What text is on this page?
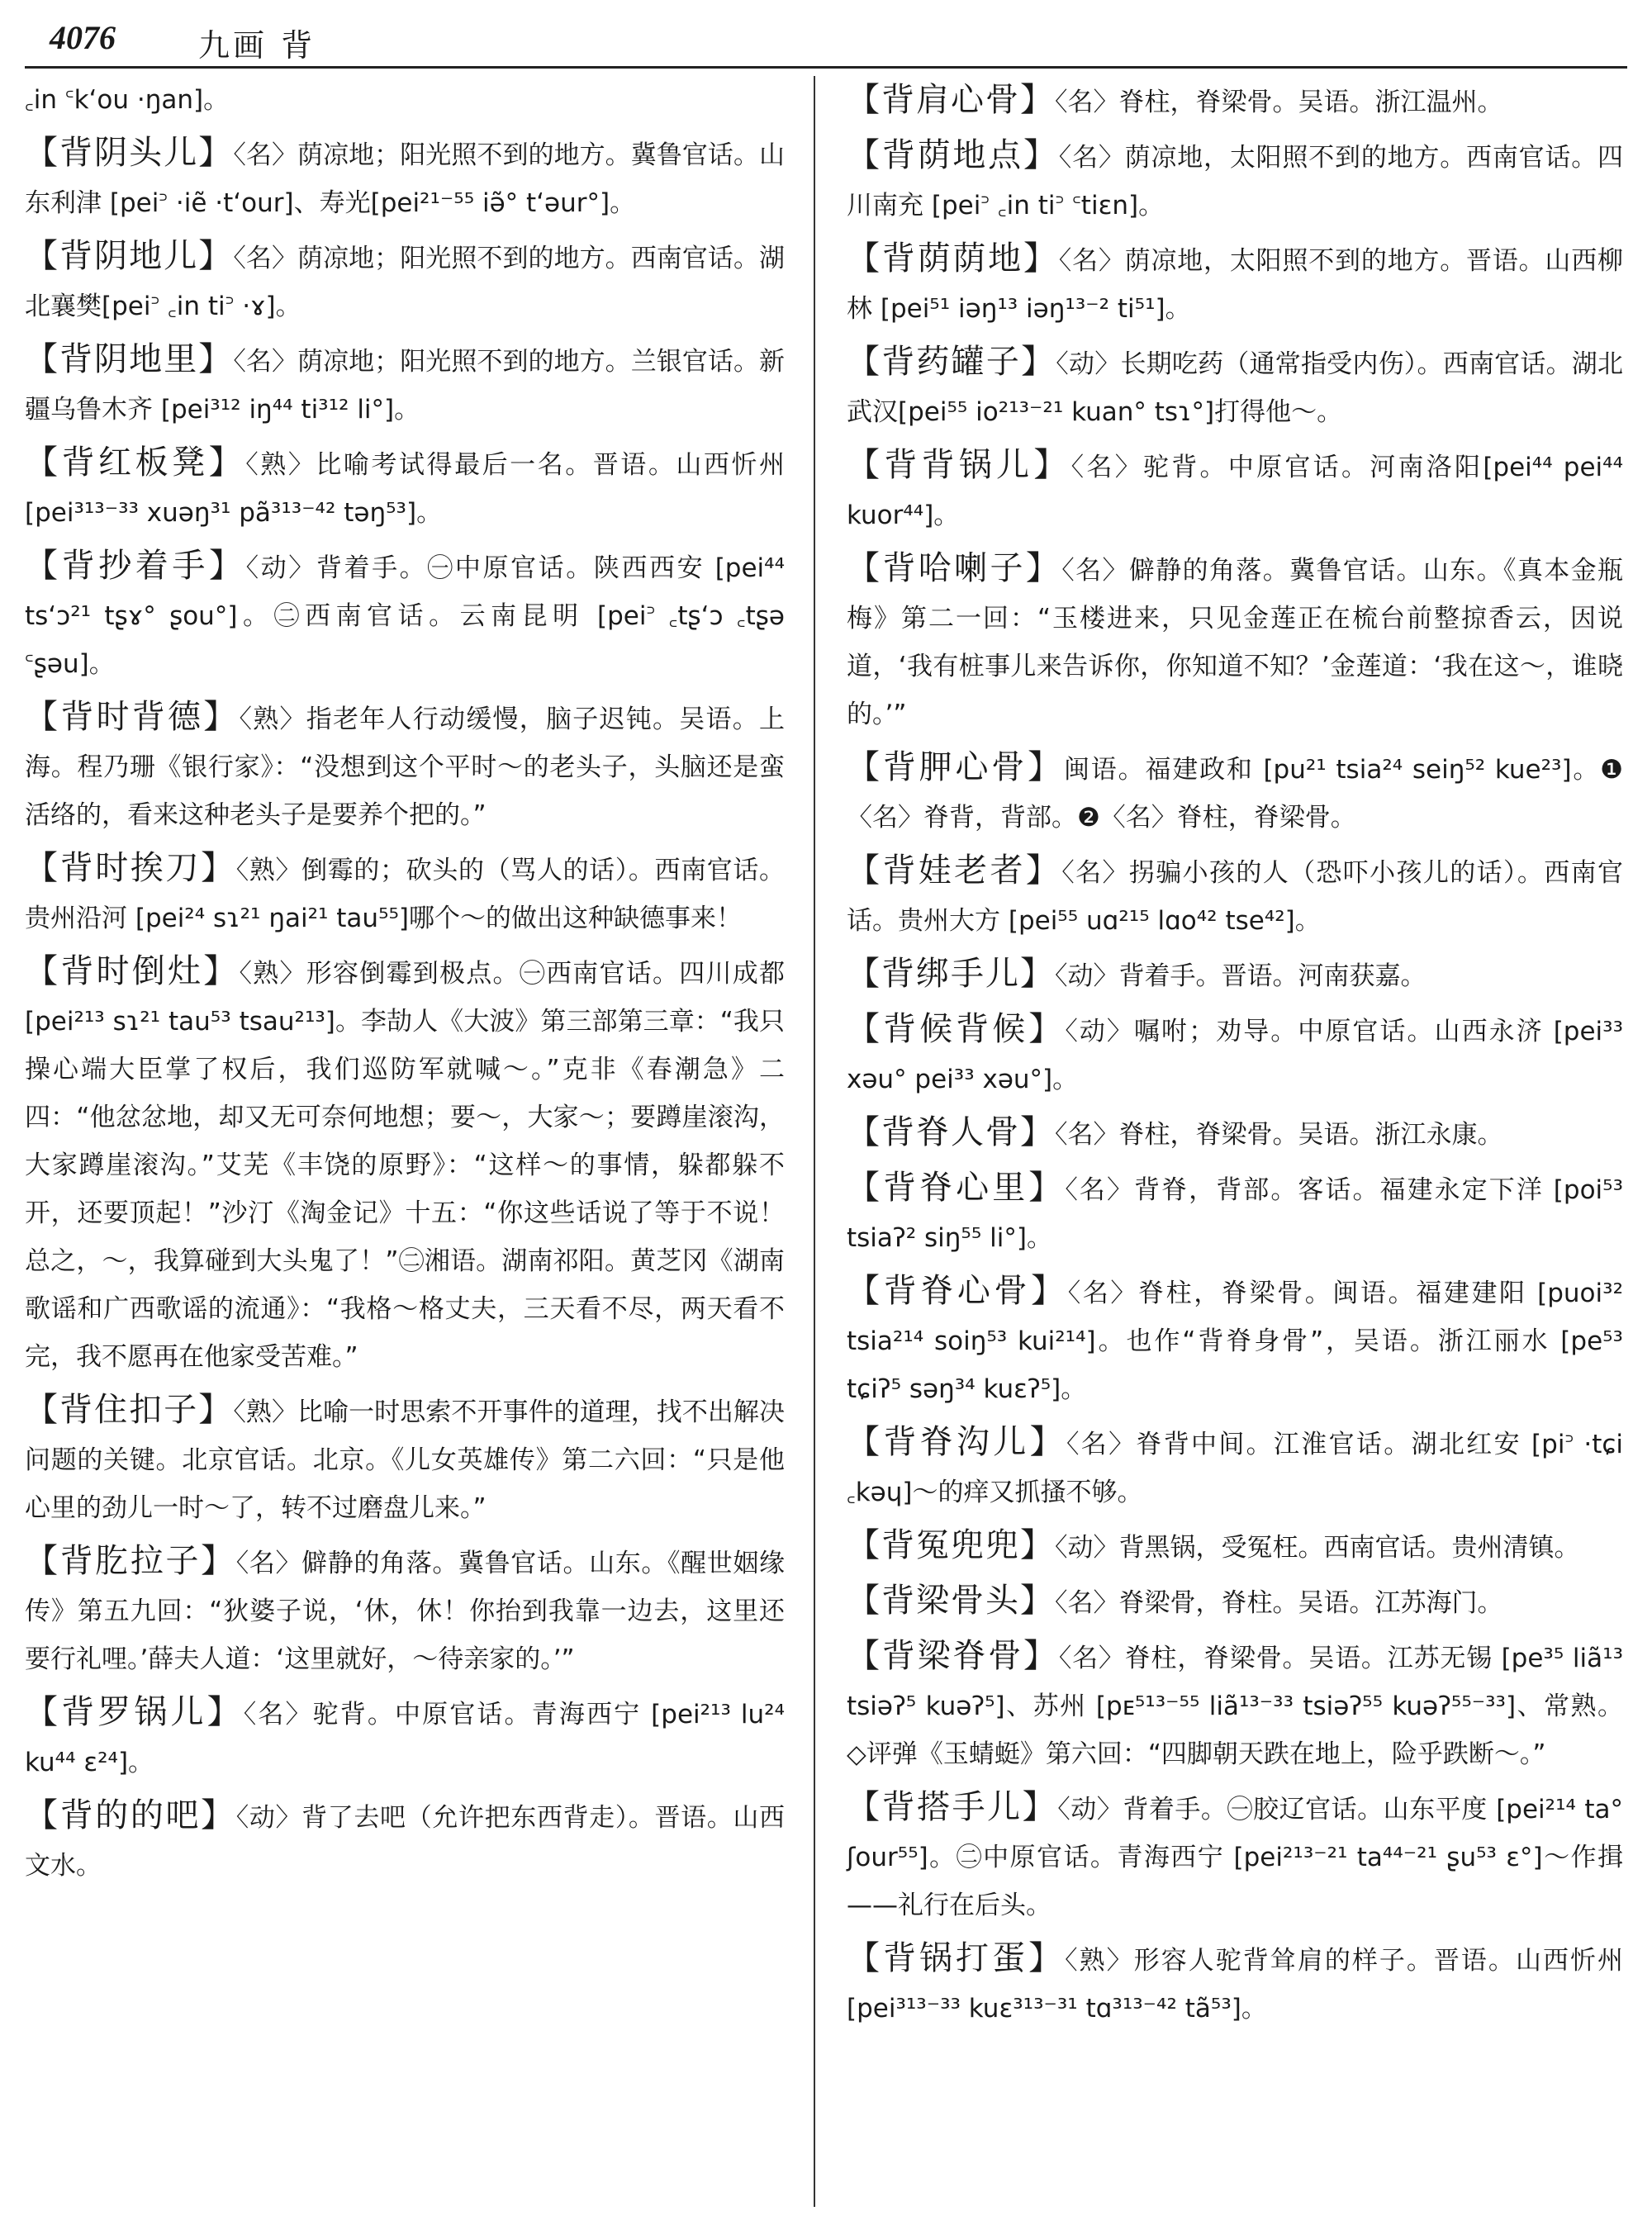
4076	九画 背
꜀in ꜂k‘ou ·ŋan]。
【背阴头儿】〈名〉荫凉地；阳光照不到的地方。冀鲁官话。山东利津 [pei꜄ ·iẽ ·t‘our]、寿光[pei²¹⁻⁵⁵ iə̃° t‘əur°]。
【背阴地儿】〈名〉荫凉地；阳光照不到的地方。西南官话。湖北襄樊[pei꜄ ꜀in ti꜄ ·ɤ]。
【背阴地里】〈名〉荫凉地；阳光照不到的地方。兰银官话。新疆乌鲁木齐 [pei³¹² iŋ⁴⁴ ti³¹² li°]。
【背红板凳】〈熟〉比喻考试得最后一名。晋语。山西忻州 [pei³¹³⁻³³ xuəŋ³¹ pã³¹³⁻⁴² təŋ⁵³]。
【背抄着手】〈动〉背着手。㊀中原官话。陕西西安 [pei⁴⁴ ts‘ɔ²¹ tʂɤ° ʂou°]。㊁西南官话。云南昆明 [pei꜄ ꜀tʂ‘ɔ ꜀tʂə ꜂ʂəu]。
【背时背德】〈熟〉指老年人行动缓慢，脑子迟钝。吴语。上海。程乃珊《银行家》：“没想到这个平时～的老头子，头脑还是蛮活络的，看来这种老头子是要养个把的。”
【背时挨刀】〈熟〉倒霉的；砍头的（骂人的话）。西南官话。贵州沿河 [pei²⁴ sɿ²¹ ŋai²¹ tau⁵⁵]哪个～的做出这种缺德事来！
【背时倒灶】〈熟〉形容倒霉到极点。㊀西南官话。四川成都 [pei²¹³ sɿ²¹ tau⁵³ tsau²¹³]。李劼人《大波》第三部第三章：“我只操心端大臣掌了权后，我们巡防军就喊～。”克非《春潮急》二四：“他忿忿地，却又无可奈何地想；要～，大家～；要蹲崖滚沟，大家蹲崖滚沟。”艾芜《丰饶的原野》：“这样～的事情，躲都躲不开，还要顶起！”沙汀《淘金记》十五：“你这些话说了等于不说！总之，～，我算碰到大头鬼了！”㊁湘语。湖南祁阳。黄芝冈《湖南歌谣和广西歌谣的流通》：“我格～格丈夫，三天看不尽，两天看不完，我不愿再在他家受苦难。”
【背住扣子】〈熟〉比喻一时思索不开事件的道理，找不出解决问题的关键。北京官话。北京。《儿女英雄传》第二六回：“只是他心里的劲儿一时～了，转不过磨盘儿来。”
【背肐拉子】〈名〉僻静的角落。冀鲁官话。山东。《醒世姻缘传》第五九回：“狄婆子说，‘休，休！你抬到我靠一边去，这里还要行礼哩。’薛夫人道：‘这里就好，～待亲家的。’”
【背罗锅儿】〈名〉驼背。中原官话。青海西宁 [pei²¹³ lu²⁴ ku⁴⁴ ɛ²⁴]。
【背的的吧】〈动〉背了去吧（允许把东西背走）。晋语。山西文水。
【背肩心骨】〈名〉脊柱，脊梁骨。吴语。浙江温州。
【背荫地点】〈名〉荫凉地，太阳照不到的地方。西南官话。四川南充 [pei꜄ ꜀in ti꜄ ꜂tiɛn]。
【背荫荫地】〈名〉荫凉地，太阳照不到的地方。晋语。山西柳林 [pei⁵¹ iəŋ¹³ iəŋ¹³⁻² ti⁵¹]。
【背药罐子】〈动〉长期吃药（通常指受内伤）。西南官话。湖北武汉[pei⁵⁵ io²¹³⁻²¹ kuan° tsɿ°]打得他～。
【背背锅儿】〈名〉驼背。中原官话。河南洛阳[pei⁴⁴ pei⁴⁴ kuor⁴⁴]。
【背哈喇子】〈名〉僻静的角落。冀鲁官话。山东。《真本金瓶梅》第二一回：“玉楼进来，只见金莲正在梳台前整掠香云，因说道，‘我有桩事儿来告诉你，你知道不知？’金莲道：‘我在这～，谁晓的。’”
【背胛心骨】闽语。福建政和 [pu²¹ tsia²⁴ seiŋ⁵² kue²³]。❶〈名〉脊背，背部。❷〈名〉脊柱，脊梁骨。
【背娃老者】〈名〉拐骗小孩的人（恐吓小孩儿的话）。西南官话。贵州大方 [pei⁵⁵ uɑ²¹⁵ lɑo⁴² tse⁴²]。
【背绑手儿】〈动〉背着手。晋语。河南获嘉。
【背候背候】〈动〉嘱咐；劝导。中原官话。山西永济 [pei³³ xəu° pei³³ xəu°]。
【背脊人骨】〈名〉脊柱，脊梁骨。吴语。浙江永康。
【背脊心里】〈名〉背脊，背部。客话。福建永定下洋 [poi⁵³ tsiaʔ² siŋ⁵⁵ li°]。
【背脊心骨】〈名〉脊柱，脊梁骨。闽语。福建建阳 [puoi³² tsia²¹⁴ soiŋ⁵³ kui²¹⁴]。也作“背脊身骨”，吴语。浙江丽水 [pe⁵³ tɕiʔ⁵ səŋ³⁴ kuɛʔ⁵]。
【背脊沟儿】〈名〉脊背中间。江淮官话。湖北红安 [pi꜄ ·tɕi ꜀kəɥ]～的痒又抓搔不够。
【背冤兜兜】〈动〉背黑锅，受冤枉。西南官话。贵州清镇。
【背梁骨头】〈名〉脊梁骨，脊柱。吴语。江苏海门。
【背梁脊骨】〈名〉脊柱，脊梁骨。吴语。江苏无锡 [pe³⁵ liã¹³ tsiəʔ⁵ kuəʔ⁵]、苏州 [pᴇ⁵¹³⁻⁵⁵ liã¹³⁻³³ tsiəʔ⁵⁵ kuəʔ⁵⁵⁻³³]、常熟。◇评弹《玉蜻蜓》第六回：“四脚朝天跌在地上，险乎跌断～。”
【背搭手儿】〈动〉背着手。㊀胶辽官话。山东平度 [pei²¹⁴ ta° ʃour⁵⁵]。㊁中原官话。青海西宁 [pei²¹³⁻²¹ ta⁴⁴⁻²¹ ʂu⁵³ ɛ°]～作揖——礼行在后头。
【背锅打蛋】〈熟〉形容人驼背耸肩的样子。晋语。山西忻州 [pei³¹³⁻³³ kuɛ³¹³⁻³¹ tɑ³¹³⁻⁴² tã⁵³]。
